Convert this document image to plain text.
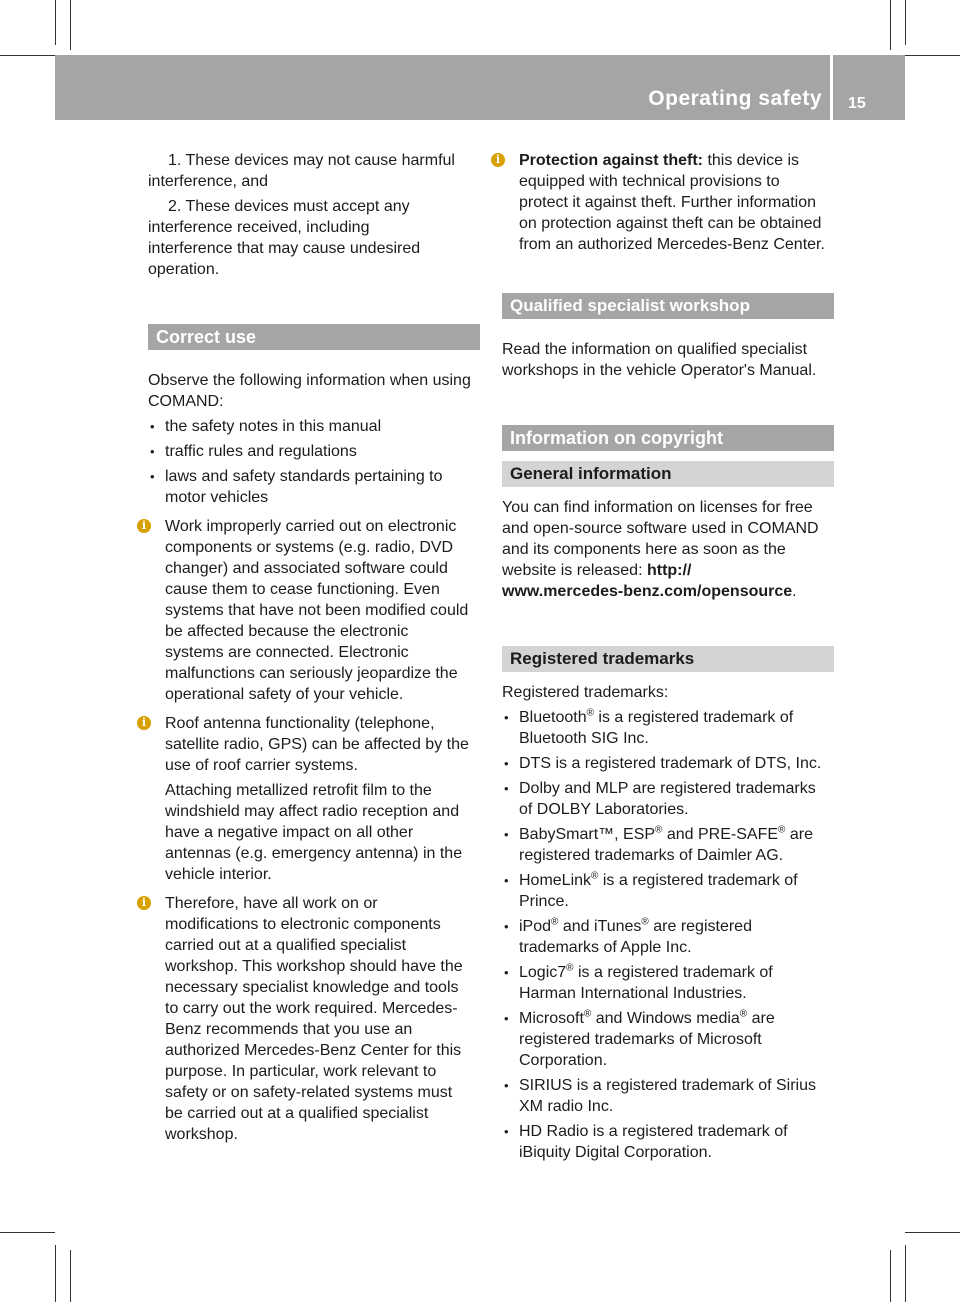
Operating safety 15

1. These devices may not cause harmful

interference, and

2. These devices must accept any

interference received, including

interference that may cause undesired

operation.

Correct use

Observe the following information when using

COMAND:

• the safety notes in this manual
• traffic rules and regulations
• laws and safety standards pertaining to
motor vehicles
i	Work improperly carried out on electronic

components or systems (e.g. radio, DVD

changer) and associated software could

cause them to cease functioning. Even

systems that have not been modified could

be affected because the electronic

systems are connected. Electronic

malfunctions can seriously jeopardize the

operational safety of your vehicle.

i	Roof antenna functionality (telephone,

satellite radio, GPS) can be affected by the

use of roof carrier systems.

Attaching metallized retrofit film to the

windshield may affect radio reception and

have a negative impact on all other

antennas (e.g. emergency antenna) in the

vehicle interior.

i	Therefore, have all work on or

modifications to electronic components

carried out at a qualified specialist

workshop. This workshop should have the

necessary specialist knowledge and tools

to carry out the work required. Mercedes-

Benz recommends that you use an

authorized Mercedes-Benz Center for this

purpose. In particular, work relevant to

safety or on safety-related systems must

be carried out at a qualified specialist

workshop.

i	Protection against theft: this device is

equipped with technical provisions to

protect it against theft. Further information

on protection against theft can be obtained

from an authorized Mercedes-Benz Center.

Qualified specialist workshop

Read the information on qualified specialist

workshops in the vehicle Operator's Manual.

Information on copyright
General information

You can find information on licenses for free

and open-source software used in COMAND

and its components here as soon as the

website is released: http://

www.mercedes-benz.com/opensource.

Registered trademarks

Registered trademarks:

• Bluetooth® is a registered trademark of
Bluetooth SIG Inc.
• DTS is a registered trademark of DTS, Inc.
• Dolby and MLP are registered trademarks
of DOLBY Laboratories.
• BabySmart™, ESP® and PRE-SAFE® are
registered trademarks of Daimler AG.
• HomeLink® is a registered trademark of
Prince.
• iPod® and iTunes® are registered
trademarks of Apple Inc.
• Logic7® is a registered trademark of
Harman International Industries.
• Microsoft® and Windows media® are
registered trademarks of Microsoft
Corporation.
• SIRIUS is a registered trademark of Sirius
XM radio Inc.
• HD Radio is a registered trademark of
iBiquity Digital Corporation.
